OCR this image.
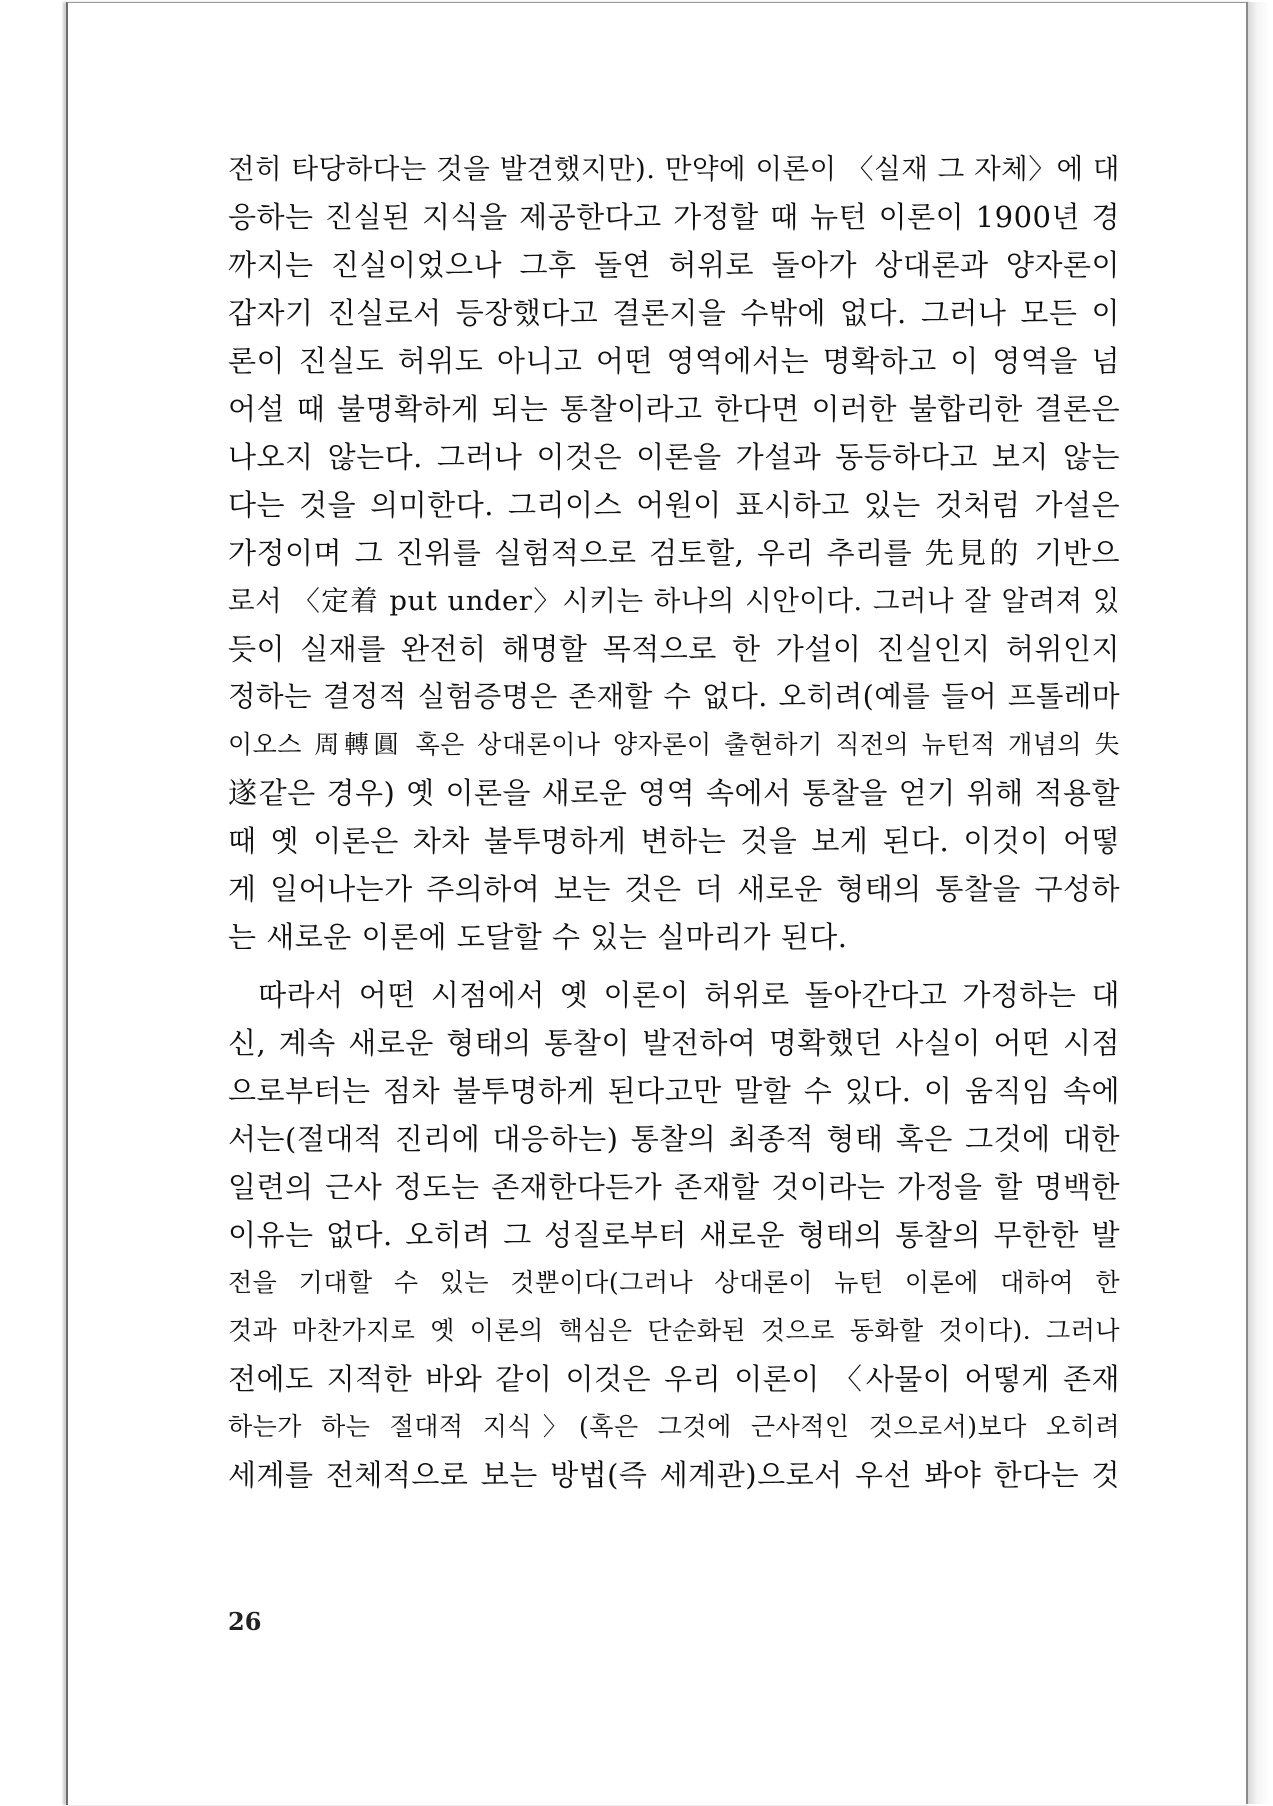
전히 타당하다는 것을 발견했지만). 만약에 이론이 〈실재 그 자체〉에 대
응하는 진실된 지식을 제공한다고 가정할 때 뉴턴 이론이 1900년 경
까지는 진실이었으나 그후 돌연 허위로 돌아가 상대론과 양자론이
갑자기 진실로서 등장했다고 결론지을 수밖에 없다. 그러나 모든 이
론이 진실도 허위도 아니고 어떤 영역에서는 명확하고 이 영역을 넘
어설 때 불명확하게 되는 통찰이라고 한다면 이러한 불합리한 결론은
나오지 않는다. 그러나 이것은 이론을 가설과 동등하다고 보지 않는
다는 것을 의미한다. 그리이스 어원이 표시하고 있는 것처럼 가설은
가정이며 그 진위를 실험적으로 검토할, 우리 추리를 先見的 기반으
로서 〈定着 put under〉시키는 하나의 시안이다. 그러나 잘 알려져 있
듯이 실재를 완전히 해명할 목적으로 한 가설이 진실인지 허위인지
정하는 결정적 실험증명은 존재할 수 없다. 오히려(예를 들어 프톨레마
이오스 周轉圓 혹은 상대론이나 양자론이 출현하기 직전의 뉴턴적 개념의 失
遂같은 경우) 옛 이론을 새로운 영역 속에서 통찰을 얻기 위해 적용할
때 옛 이론은 차차 불투명하게 변하는 것을 보게 된다. 이것이 어떻
게 일어나는가 주의하여 보는 것은 더 새로운 형태의 통찰을 구성하
는 새로운 이론에 도달할 수 있는 실마리가 된다.
따라서 어떤 시점에서 옛 이론이 허위로 돌아간다고 가정하는 대
신, 계속 새로운 형태의 통찰이 발전하여 명확했던 사실이 어떤 시점
으로부터는 점차 불투명하게 된다고만 말할 수 있다. 이 움직임 속에
서는(절대적 진리에 대응하는) 통찰의 최종적 형태 혹은 그것에 대한
일련의 근사 정도는 존재한다든가 존재할 것이라는 가정을 할 명백한
이유는 없다. 오히려 그 성질로부터 새로운 형태의 통찰의 무한한 발
전을 기대할 수 있는 것뿐이다(그러나 상대론이 뉴턴 이론에 대하여 한
것과 마찬가지로 옛 이론의 핵심은 단순화된 것으로 동화할 것이다). 그러나
전에도 지적한 바와 같이 이것은 우리 이론이 〈사물이 어떻게 존재
하는가 하는 절대적 지식〉(혹은 그것에 근사적인 것으로서)보다 오히려
세계를 전체적으로 보는 방법(즉 세계관)으로서 우선 봐야 한다는 것
26
